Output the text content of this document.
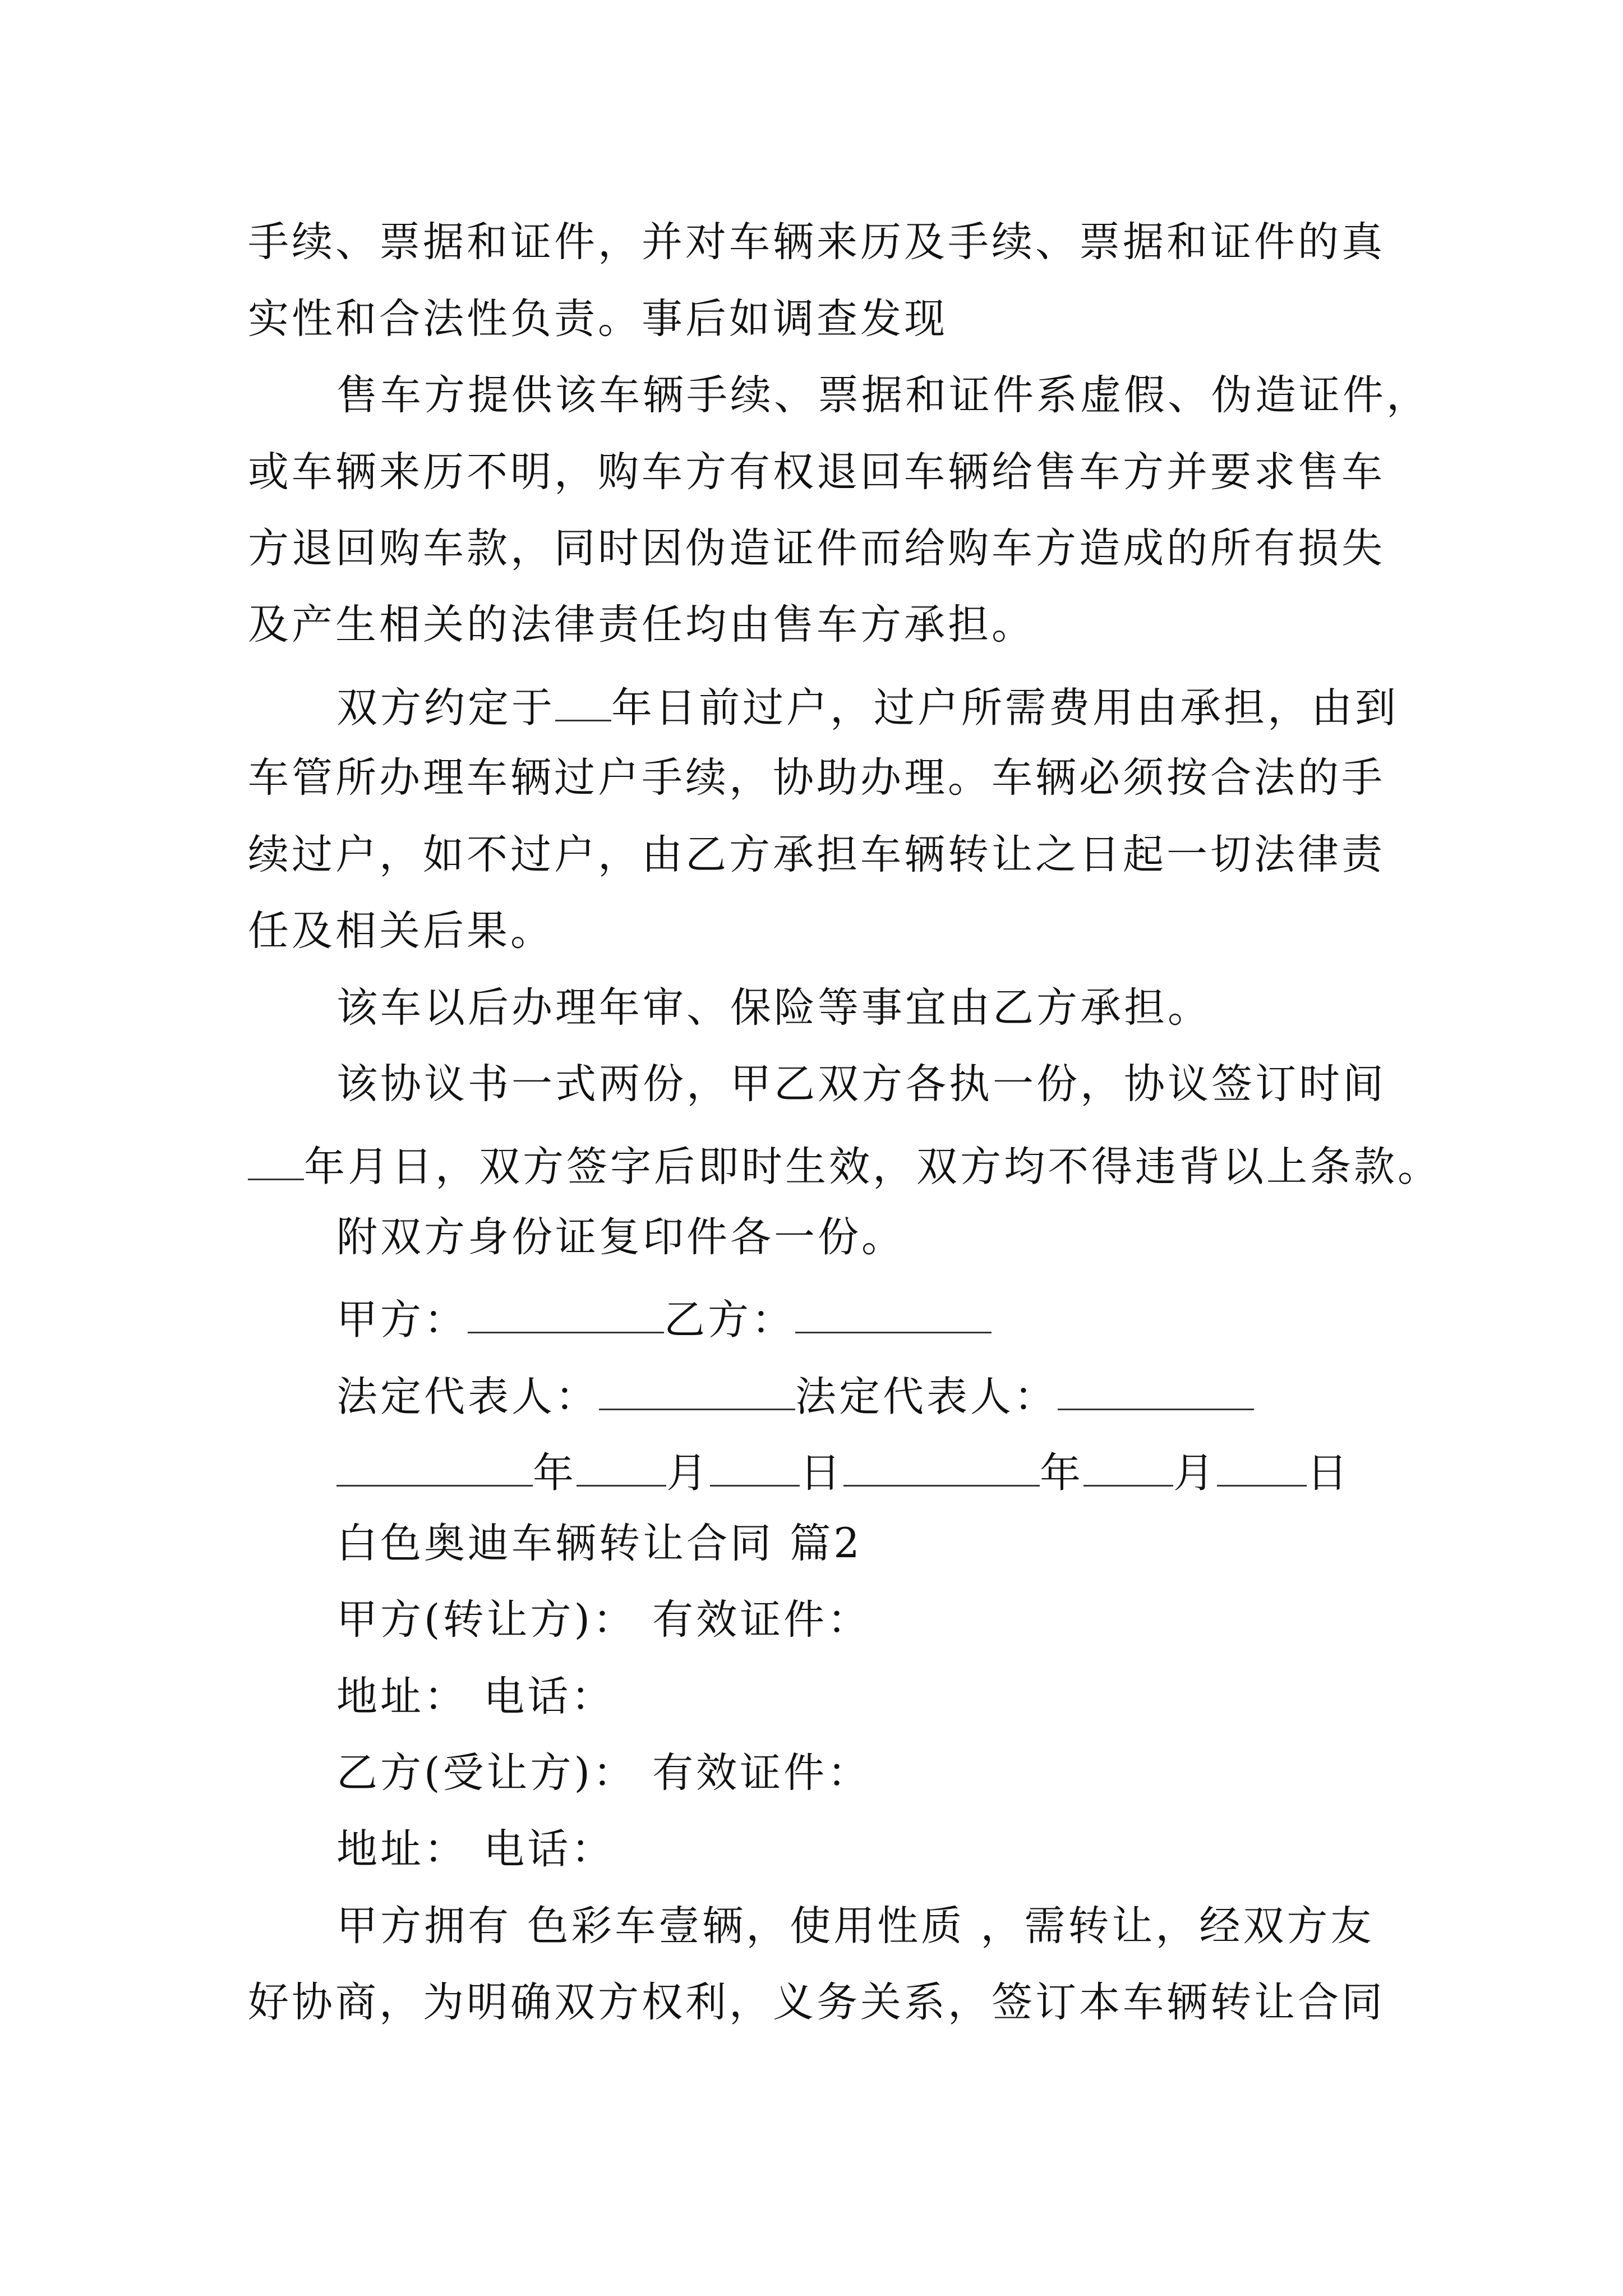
手续、票据和证件，并对车辆来历及手续、票据和证件的真
实性和合法性负责。事后如调查发现
售车方提供该车辆手续、票据和证件系虚假、伪造证件，
或车辆来历不明，购车方有权退回车辆给售车方并要求售车
方退回购车款，同时因伪造证件而给购车方造成的所有损失
及产生相关的法律责任均由售车方承担。
双方约定于 年日前过户，过户所需费用由承担，由到
车管所办理车辆过户手续，协助办理。车辆必须按合法的手
续过户，如不过户，由乙方承担车辆转让之日起一切法律责
任及相关后果。
该车以后办理年审、保险等事宜由乙方承担。
该协议书一式两份，甲乙双方各执一份，协议签订时间
年月日，双方签字后即时生效，双方均不得违背以上条款。
附双方身份证复印件各一份。
甲方：	乙方：
法定代表人：	法定代表人：
年 月 日	年 月 日
白色奥迪车辆转让合同 篇2
甲方(转让方)： 有效证件：
地址： 电话：
乙方(受让方)： 有效证件：
地址： 电话：
甲方拥有 色彩车壹辆，使用性质 ，需转让，经双方友
好协商，为明确双方权利，义务关系，签订本车辆转让合同
